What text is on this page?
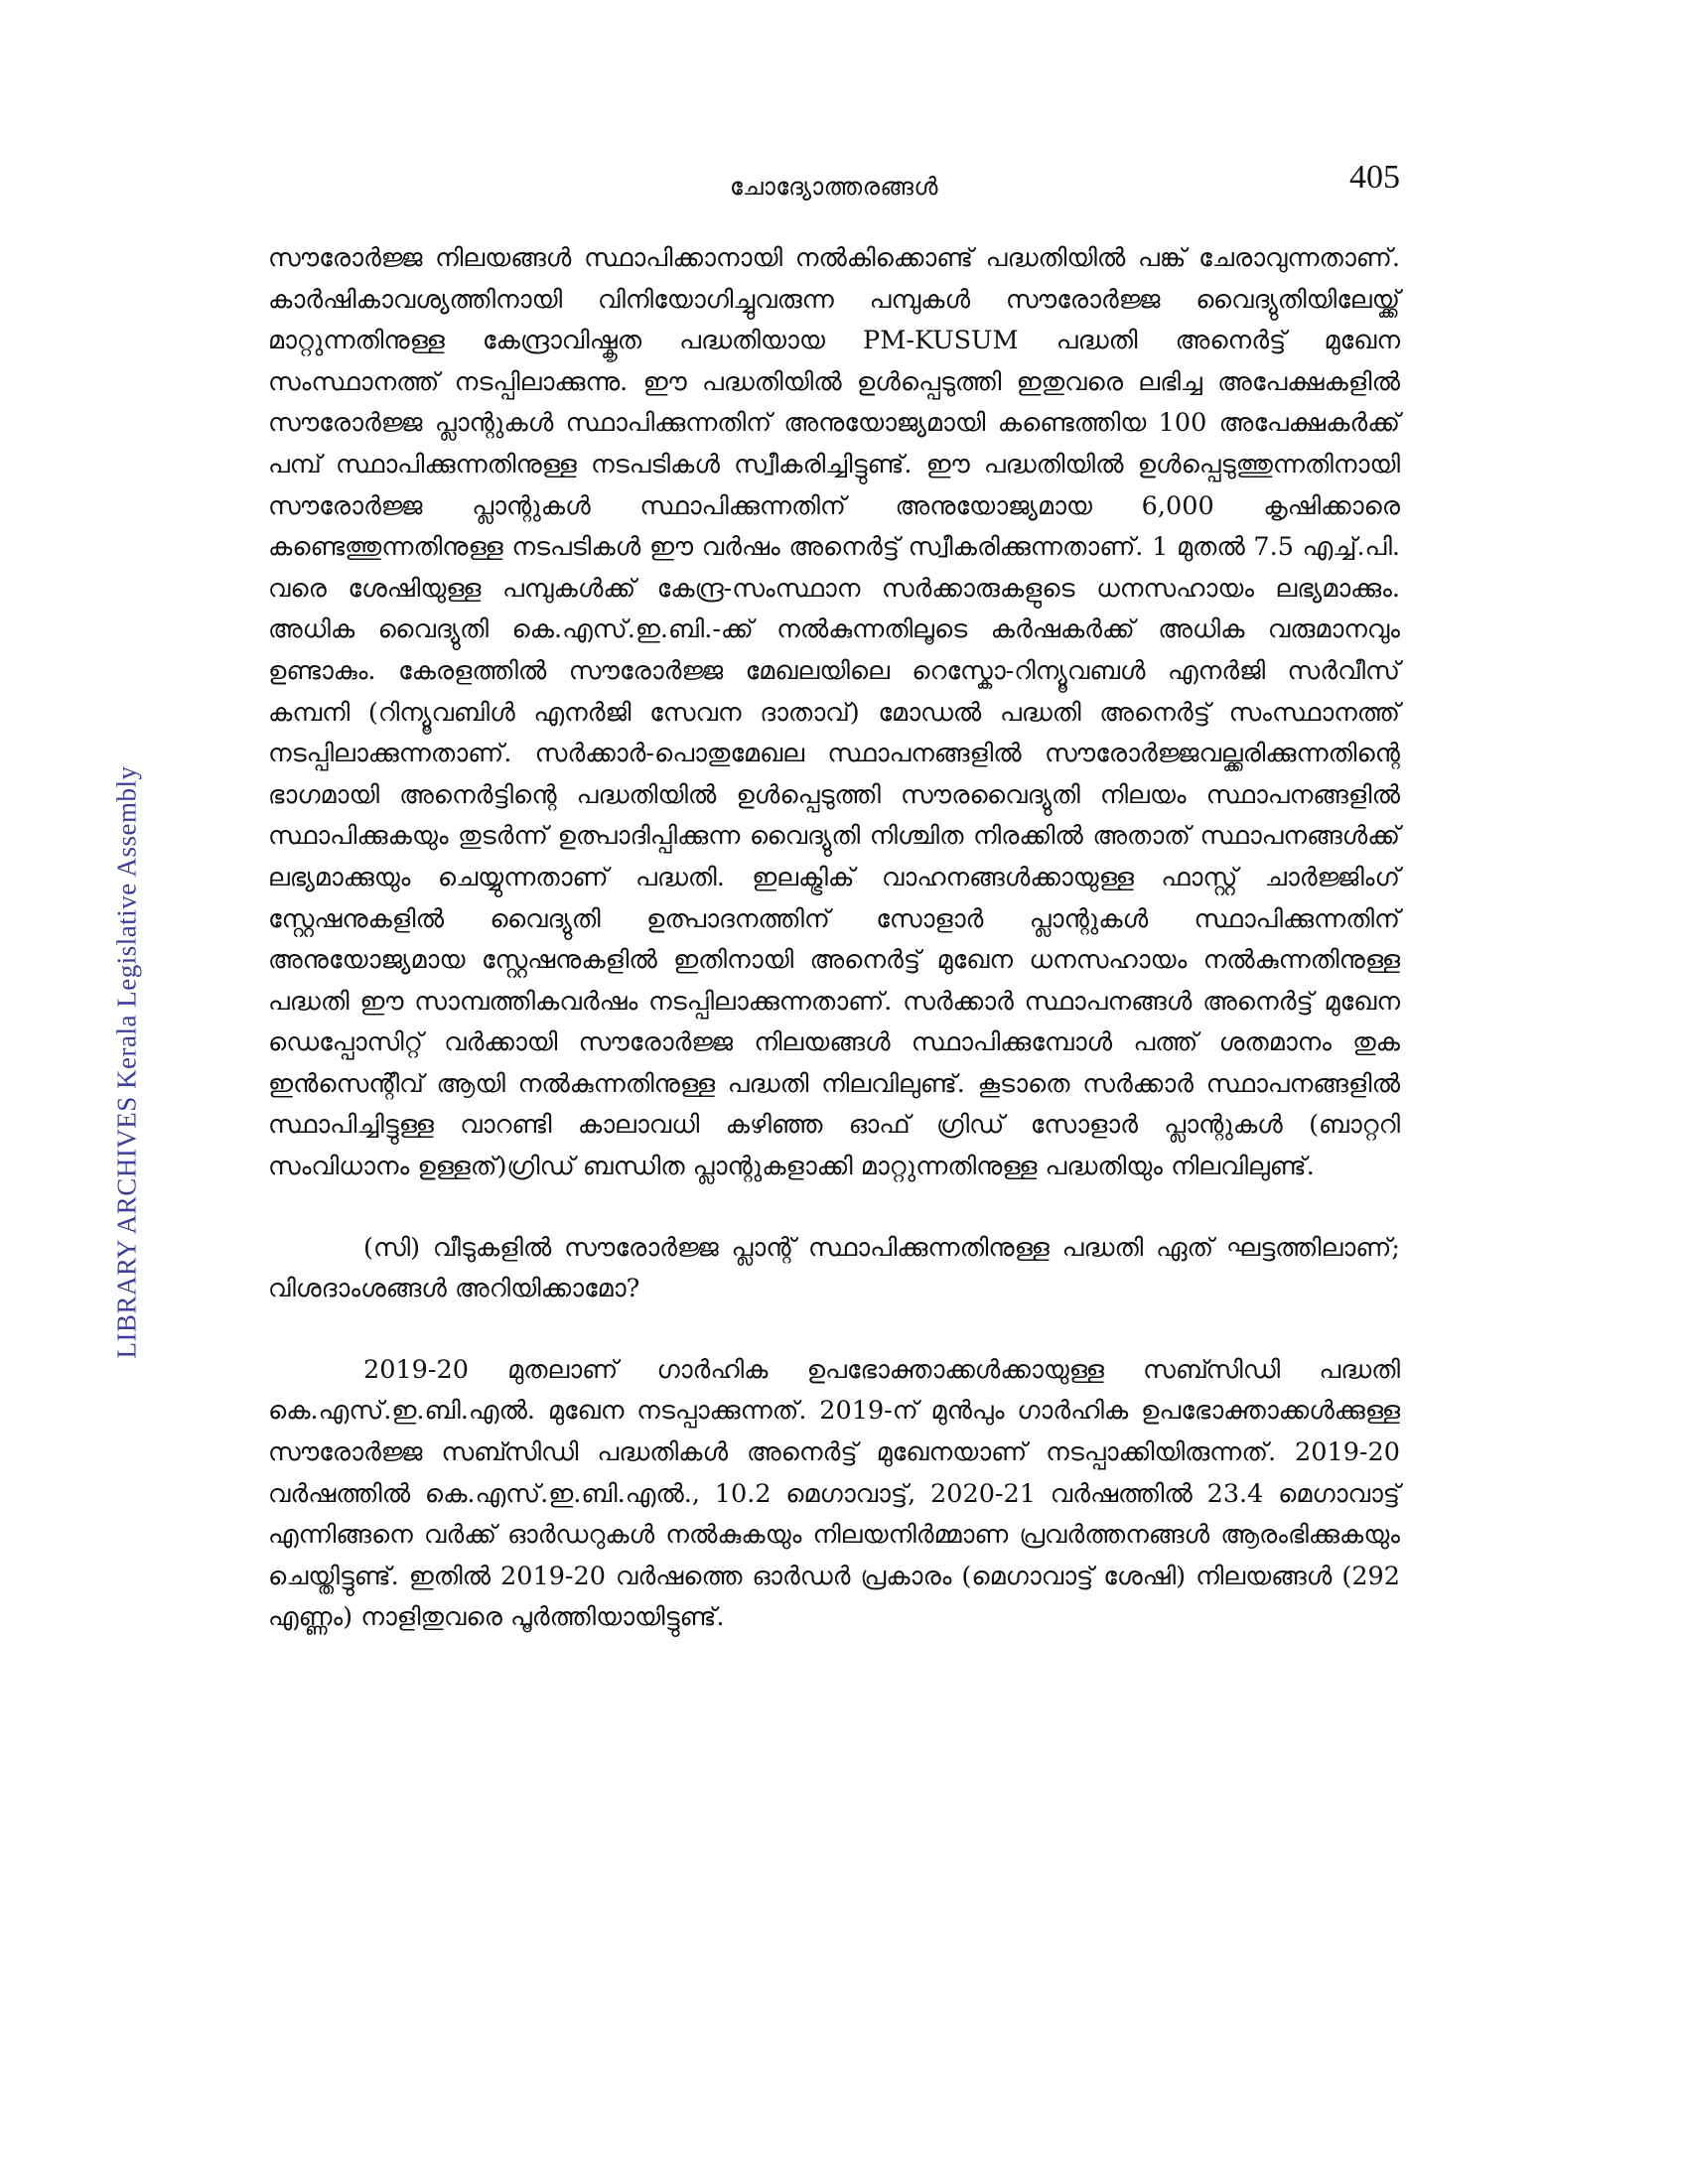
ചോദ്യോത്തരങ്ങൾ	405
LIBRARY ARCHIVES Kerala Legislative Assembly

സൗരോർജ്ജ നിലയങ്ങൾ സ്ഥാപിക്കാനായി നൽകിക്കൊണ്ട് പദ്ധതിയിൽ പങ്ക് ചേരാവുന്നതാണ്. കാർഷികാവശ്യത്തിനായി വിനിയോഗിച്ചുവരുന്ന പമ്പുകൾ സൗരോർജ്ജ വൈദ്യുതിയിലേയ്ക്ക് മാറ്റുന്നതിനുള്ള കേന്ദ്രാവിഷ്കൃത പദ്ധതിയായ PM-KUSUM പദ്ധതി അനെർട്ട് മുഖേന സംസ്ഥാനത്ത് നടപ്പിലാക്കുന്നു. ഈ പദ്ധതിയിൽ ഉൾപ്പെടുത്തി ഇതുവരെ ലഭിച്ച അപേക്ഷകളിൽ സൗരോർജ്ജ പ്ലാന്റുകൾ സ്ഥാപിക്കുന്നതിന് അനുയോജ്യമായി കണ്ടെത്തിയ 100 അപേക്ഷകർക്ക് പമ്പ് സ്ഥാപിക്കുന്നതിനുള്ള നടപടികൾ സ്വീകരിച്ചിട്ടുണ്ട്. ഈ പദ്ധതിയിൽ ഉൾപ്പെടുത്തുന്നതിനായി സൗരോർജ്ജ പ്ലാന്റുകൾ സ്ഥാപിക്കുന്നതിന് അനുയോജ്യമായ 6,000 കൃഷിക്കാരെ കണ്ടെത്തുന്നതിനുള്ള നടപടികൾ ഈ വർഷം അനെർട്ട് സ്വീകരിക്കുന്നതാണ്. 1 മുതൽ 7.5 എച്ച്.പി. വരെ ശേഷിയുള്ള പമ്പുകൾക്ക് കേന്ദ്ര-സംസ്ഥാന സർക്കാരുകളുടെ ധനസഹായം ലഭ്യമാക്കും. അധിക വൈദ്യുതി കെ.എസ്.ഇ.ബി.-ക്ക് നൽകുന്നതിലൂടെ കർഷകർക്ക് അധിക വരുമാനവും ഉണ്ടാകും. കേരളത്തിൽ സൗരോർജ്ജ മേഖലയിലെ റെസ്കോ-റിന്യൂവബൾ എനർജി സർവീസ് കമ്പനി (റിന്യൂവബിൾ എനർജി സേവന ദാതാവ്) മോഡൽ പദ്ധതി അനെർട്ട് സംസ്ഥാനത്ത് നടപ്പിലാക്കുന്നതാണ്. സർക്കാർ-പൊതുമേഖല സ്ഥാപനങ്ങളിൽ സൗരോർജ്ജവല്ക്കരിക്കുന്നതിന്റെ ഭാഗമായി അനെർട്ടിന്റെ പദ്ധതിയിൽ ഉൾപ്പെടുത്തി സൗരവൈദ്യുതി നിലയം സ്ഥാപനങ്ങളിൽ സ്ഥാപിക്കുകയും തുടർന്ന് ഉത്പാദിപ്പിക്കുന്ന വൈദ്യുതി നിശ്ചിത നിരക്കിൽ അതാത് സ്ഥാപനങ്ങൾക്ക് ലഭ്യമാക്കുയും ചെയ്യുന്നതാണ് പദ്ധതി. ഇലക്ട്രിക് വാഹനങ്ങൾക്കായുള്ള ഫാസ്റ്റ് ചാർജ്ജിംഗ് സ്റ്റേഷനുകളിൽ വൈദ്യുതി ഉത്പാദനത്തിന് സോളാർ പ്ലാന്റുകൾ സ്ഥാപിക്കുന്നതിന് അനുയോജ്യമായ സ്റ്റേഷനുകളിൽ ഇതിനായി അനെർട്ട് മുഖേന ധനസഹായം നൽകുന്നതിനുള്ള പദ്ധതി ഈ സാമ്പത്തികവർഷം നടപ്പിലാക്കുന്നതാണ്. സർക്കാർ സ്ഥാപനങ്ങൾ അനെർട്ട് മുഖേന ഡെപ്പോസിറ്റ് വർക്കായി സൗരോർജ്ജ നിലയങ്ങൾ സ്ഥാപിക്കുമ്പോൾ പത്ത് ശതമാനം തുക ഇൻസെന്റീവ് ആയി നൽകുന്നതിനുള്ള പദ്ധതി നിലവിലുണ്ട്. കൂടാതെ സർക്കാർ സ്ഥാപനങ്ങളിൽ സ്ഥാപിച്ചിട്ടുള്ള വാറണ്ടി കാലാവധി കഴിഞ്ഞ ഓഫ് ഗ്രിഡ് സോളാർ പ്ലാന്റുകൾ (ബാറ്ററി സംവിധാനം ഉള്ളത്)ഗ്രിഡ് ബന്ധിത പ്ലാന്റുകളാക്കി മാറ്റുന്നതിനുള്ള പദ്ധതിയും നിലവിലുണ്ട്.

(സി) വീടുകളിൽ സൗരോർജ്ജ പ്ലാന്റ് സ്ഥാപിക്കുന്നതിനുള്ള പദ്ധതി ഏത് ഘട്ടത്തിലാണ്; വിശദാംശങ്ങൾ അറിയിക്കാമോ?

2019-20 മുതലാണ് ഗാർഹിക ഉപഭോക്താക്കൾക്കായുള്ള സബ്സിഡി പദ്ധതി കെ.എസ്.ഇ.ബി.എൽ. മുഖേന നടപ്പാക്കുന്നത്. 2019-ന് മുൻപും ഗാർഹിക ഉപഭോക്താക്കൾക്കുള്ള സൗരോർജ്ജ സബ്സിഡി പദ്ധതികൾ അനെർട്ട് മുഖേനയാണ് നടപ്പാക്കിയിരുന്നത്. 2019-20 വർഷത്തിൽ കെ.എസ്.ഇ.ബി.എൽ., 10.2 മെഗാവാട്ട്, 2020-21 വർഷത്തിൽ 23.4 മെഗാവാട്ട് എന്നിങ്ങനെ വർക്ക് ഓർഡറുകൾ നൽകുകയും നിലയനിർമ്മാണ പ്രവർത്തനങ്ങൾ ആരംഭിക്കുകയും ചെയ്തിട്ടുണ്ട്. ഇതിൽ 2019-20 വർഷത്തെ ഓർഡർ പ്രകാരം (മെഗാവാട്ട് ശേഷി) നിലയങ്ങൾ (292 എണ്ണം) നാളിതുവരെ പൂർത്തിയായിട്ടുണ്ട്.
